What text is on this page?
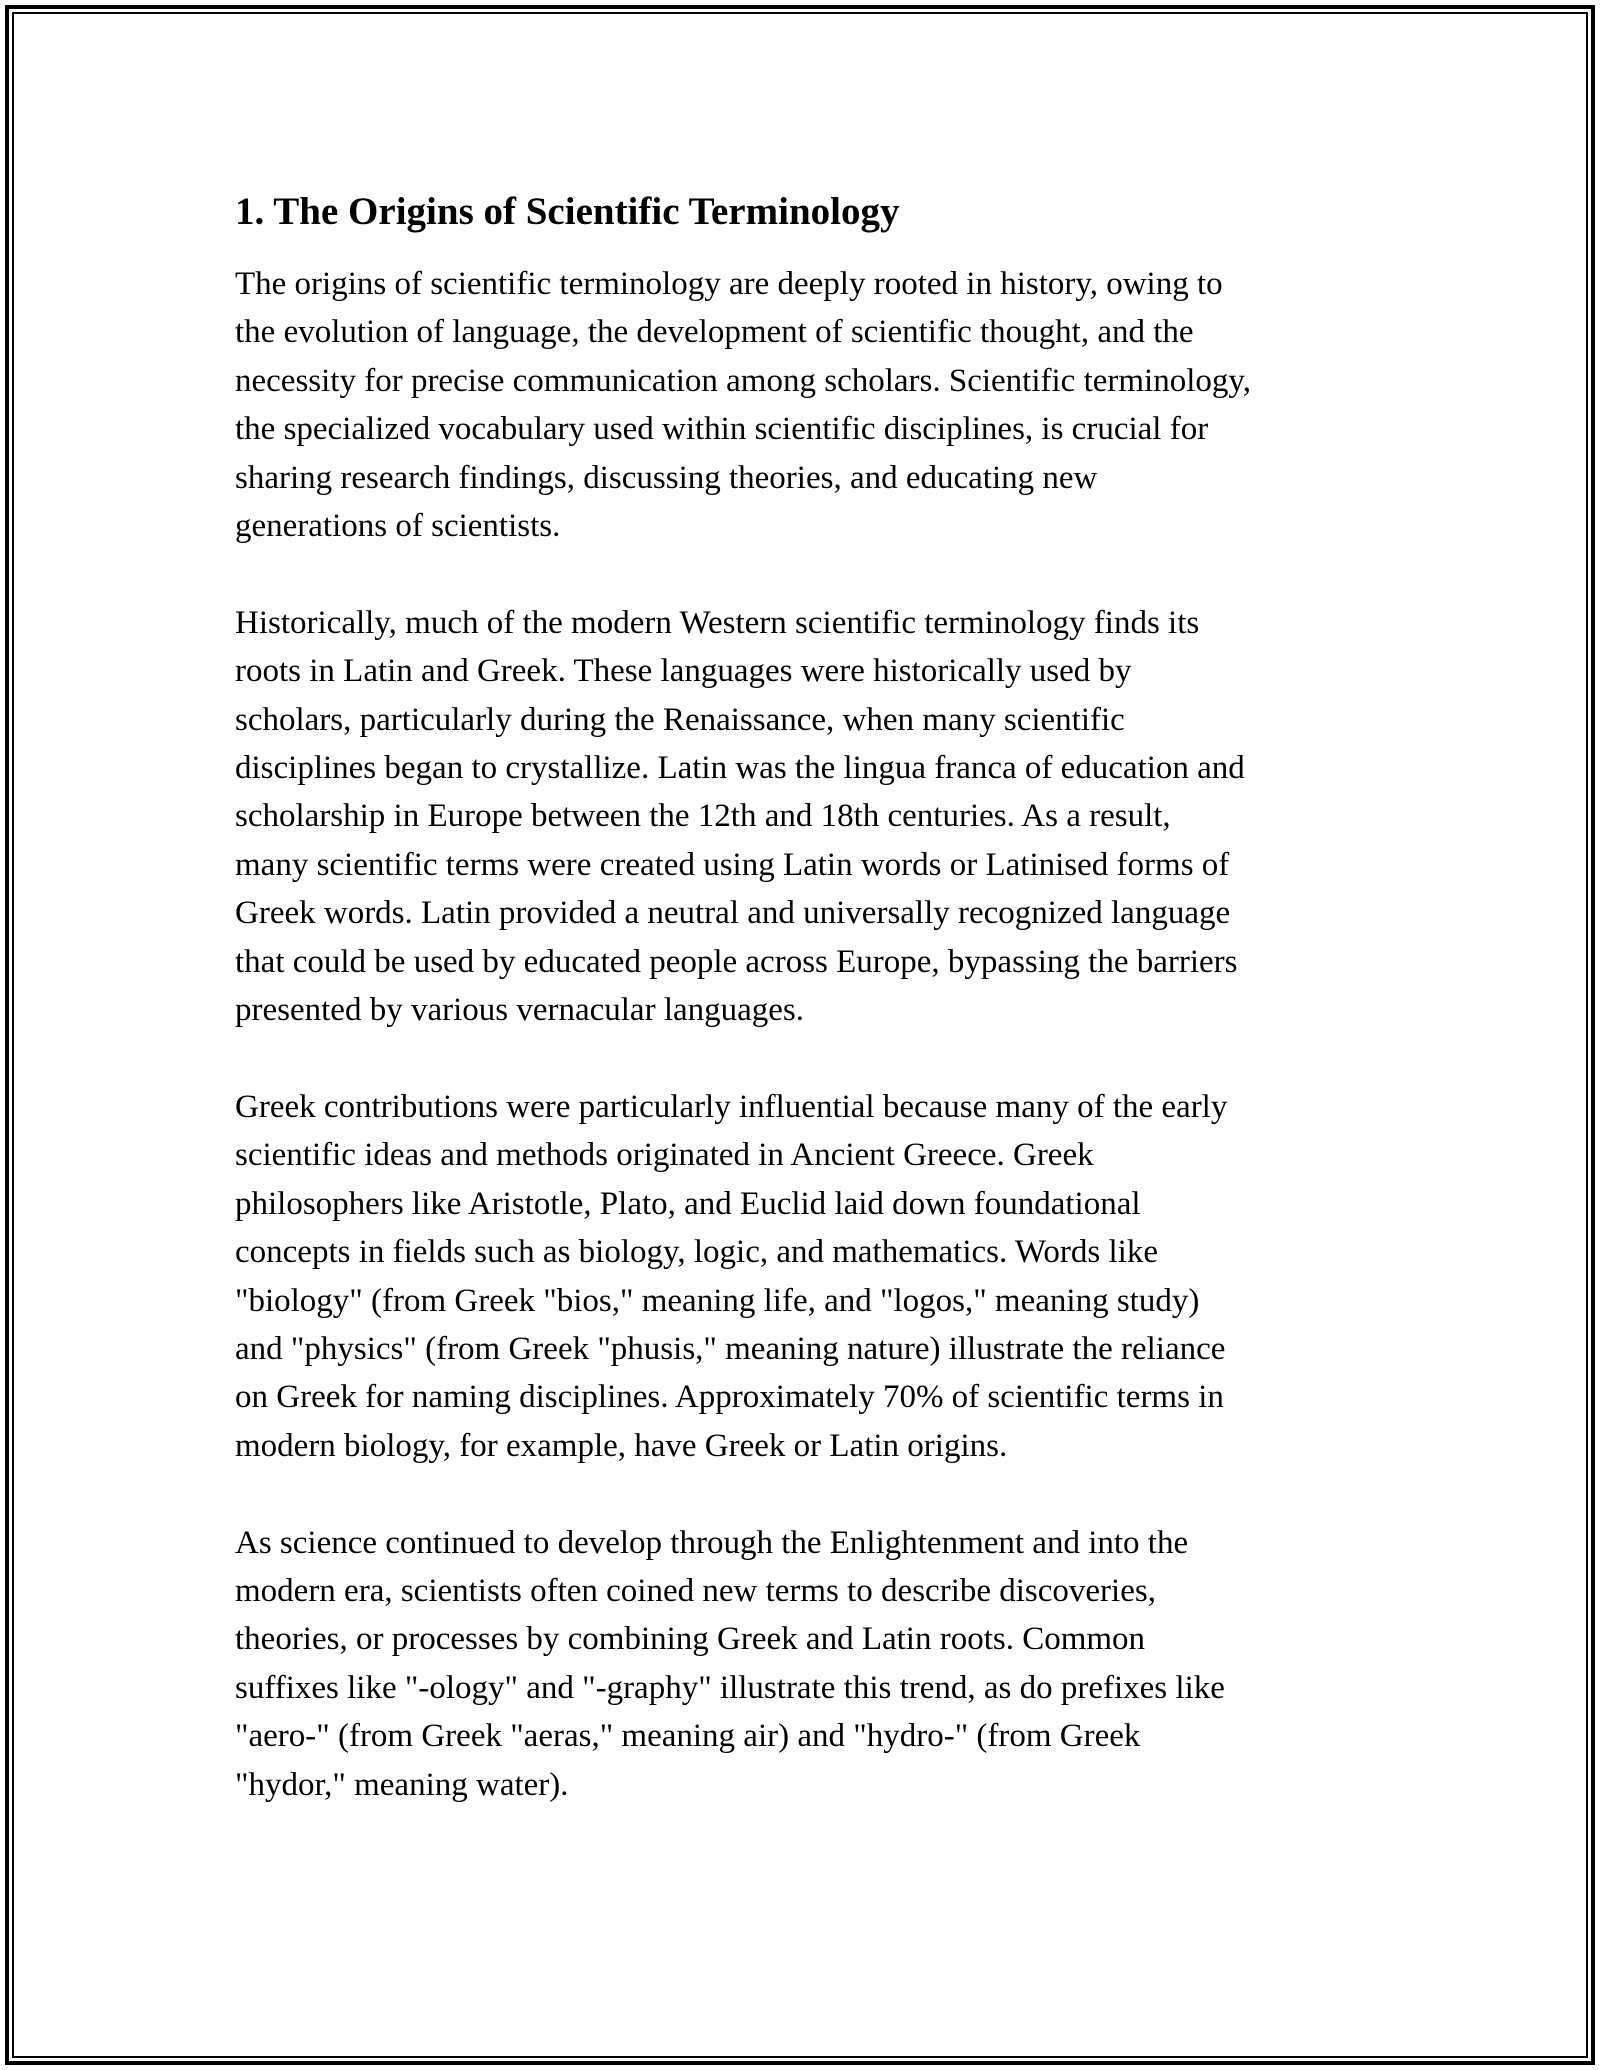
1. The Origins of Scientific Terminology

The origins of scientific terminology are deeply rooted in history, owing to
the evolution of language, the development of scientific thought, and the
necessity for precise communication among scholars. Scientific terminology,
the specialized vocabulary used within scientific disciplines, is crucial for
sharing research findings, discussing theories, and educating new
generations of scientists.

Historically, much of the modern Western scientific terminology finds its
roots in Latin and Greek. These languages were historically used by
scholars, particularly during the Renaissance, when many scientific
disciplines began to crystallize. Latin was the lingua franca of education and
scholarship in Europe between the 12th and 18th centuries. As a result,
many scientific terms were created using Latin words or Latinised forms of
Greek words. Latin provided a neutral and universally recognized language
that could be used by educated people across Europe, bypassing the barriers
presented by various vernacular languages.

Greek contributions were particularly influential because many of the early
scientific ideas and methods originated in Ancient Greece. Greek
philosophers like Aristotle, Plato, and Euclid laid down foundational
concepts in fields such as biology, logic, and mathematics. Words like
"biology" (from Greek "bios," meaning life, and "logos," meaning study)
and "physics" (from Greek "phusis," meaning nature) illustrate the reliance
on Greek for naming disciplines. Approximately 70% of scientific terms in
modern biology, for example, have Greek or Latin origins.

As science continued to develop through the Enlightenment and into the
modern era, scientists often coined new terms to describe discoveries,
theories, or processes by combining Greek and Latin roots. Common
suffixes like "-ology" and "-graphy" illustrate this trend, as do prefixes like
"aero-" (from Greek "aeras," meaning air) and "hydro-" (from Greek
"hydor," meaning water).
